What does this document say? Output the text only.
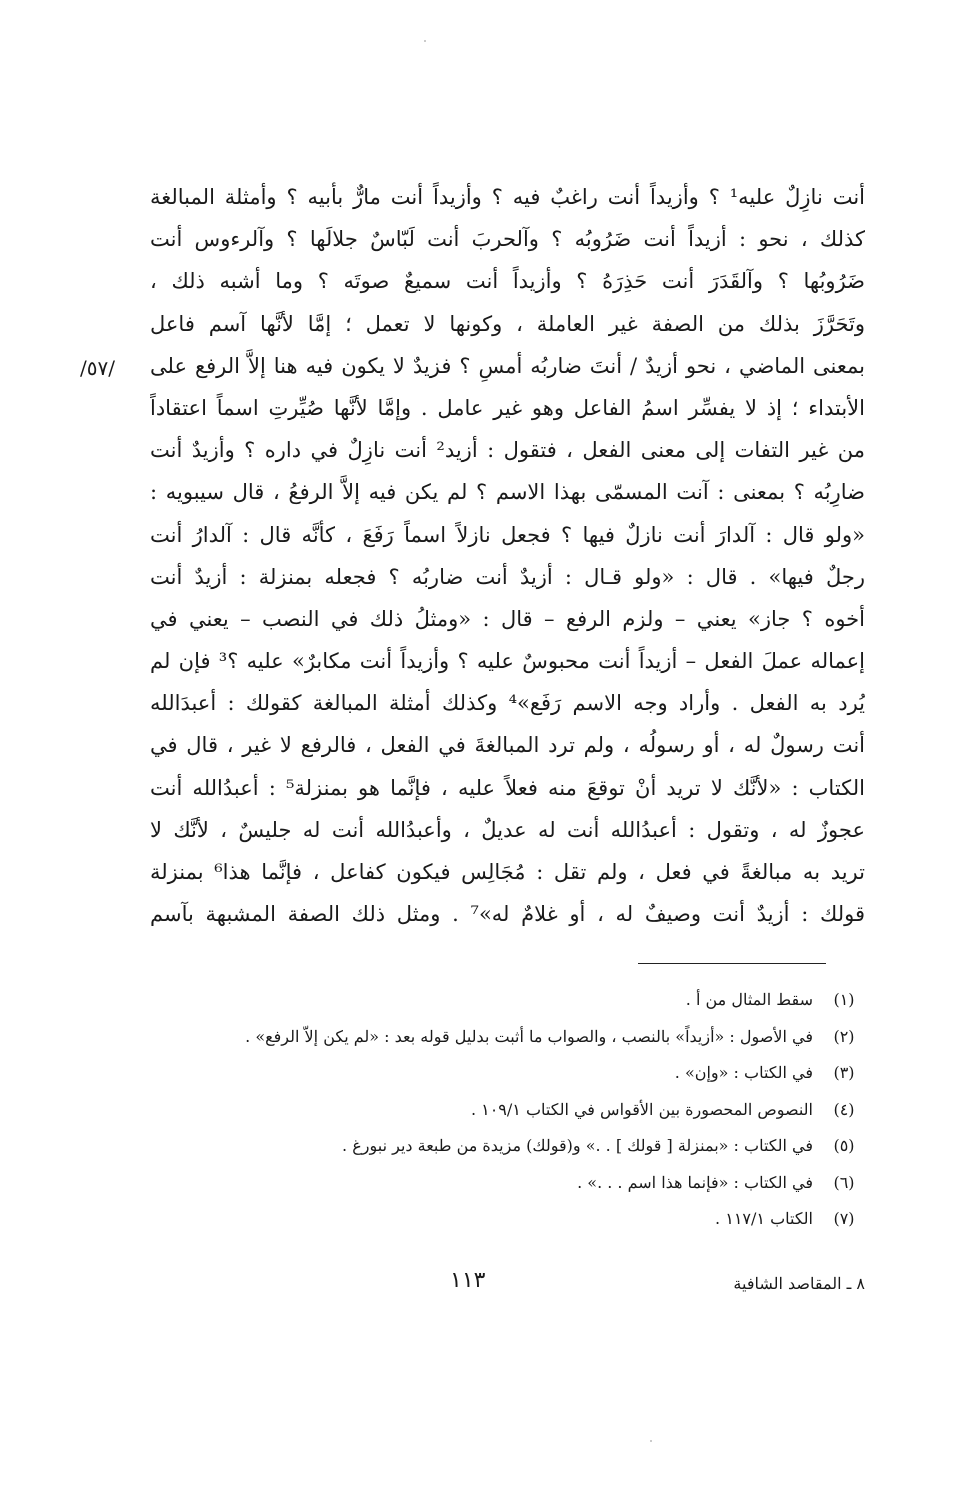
أنت نازِلٌ عليه¹ ؟ وأزيداً أنت راغبٌ فيه ؟ وأزيداً أنت مارٌّ بأبيه ؟ وأمثلة المبالغة
كذلك ، نحو : أزيداً أنت ضَرُوبُه ؟ وآلحربَ أنت لَبّاسٌ جلالَها ؟ وآلرءوس أنت
ضَرُوبُها ؟ وآلقَدَرَ أنت حَذِرَهُ ؟ وأزيداً أنت سميعٌ صوتَه ؟ وما أشبه ذلك ،
وتَحَرَّزَ بذلك من الصفة غير العاملة ، وكونها لا تعمل ؛ إمَّا لأنَّها آسم فاعل
بمعنى الماضي ، نحو أزيدٌ / أنتَ ضاربُه أمسِ ؟ فزيدٌ لا يكون فيه هنا إلاَّ الرفع على
الأبتداء ؛ إذ لا يفسِّر اسمُ الفاعل وهو غير عامل . وإمَّا لأنَّها صُيِّرتِ اسماً اعتقاداً
من غير التفات إلى معنى الفعل ، فتقول : أزيد² أنت نازِلٌ في داره ؟ وأزيدٌ أنت
ضارِبُه ؟ بمعنى : آنت المسمّى بهذا الاسم ؟ لم يكن فيه إلاَّ الرفعُ ، قال سيبويه :
«ولو قال : آلدارَ أنت نازلٌ فيها ؟ فجعل نازلاً اسماً رَفَعَ ، كأنَّه قال : آلدارُ أنت
رجلٌ فيها» . قال : «ولو قـال : أزيدٌ أنت ضاربُه ؟ فجعله بمنزلة : أزيدٌ أنت
أخوه ؟ جاز» يعني – ولزم الرفع – قال : «ومثلُ ذلك في النصب – يعني في
إعماله عملَ الفعل – أزيداً أنت محبوسٌ عليه ؟ وأزيداً أنت مكابرٌ» عليه ؟³ فإن لم
يُرد به الفعل . وأراد وجه الاسم رَفَع»⁴ وكذلك أمثلة المبالغة كقولك : أعبدَالله
أنت رسولٌ له ، أو رسولُه ، ولم ترد المبالغةَ في الفعل ، فالرفع لا غير ، قال في
الكتاب : «لأنَّك لا تريد أنْ توقعَ منه فعلاً عليه ، فإنَّما هو بمنزلة⁵ : أعبدُالله أنت
عجوزٌ له ، وتقول : أعبدُالله أنت له عديلٌ ، وأعبدُالله أنت له جليسٌ ، لأنَّك لا
تريد به مبالغةً في فعل ، ولم تقل : مُجَالِس فيكون كفاعل ، فإنَّما هذا⁶ بمنزلة
قولك : أزيدٌ أنت وصيفٌ له ، أو غلامٌ له»⁷ . ومثل ذلك الصفة المشبهة بآسم
/٥٧/
(١)
سقط المثال من أ .
(٢)
في الأصول : «أزيداً» بالنصب ، والصواب ما أثبت بدليل قوله بعد : «لم يكن إلاّ الرفع» .
(٣)
في الكتاب : «وإن» .
(٤)
النصوص المحصورة بين الأقواس في الكتاب ١٠٩/١ .
(٥)
في الكتاب : «بمنزلة [ قولك ] . .» و(قولك) مزيدة من طبعة دير نبورغ .
(٦)
في الكتاب : «فإنما هذا اسم . . .» .
(٧)
الكتاب ١١٧/١ .
٨ ـ المقاصد الشافية
١١٣
